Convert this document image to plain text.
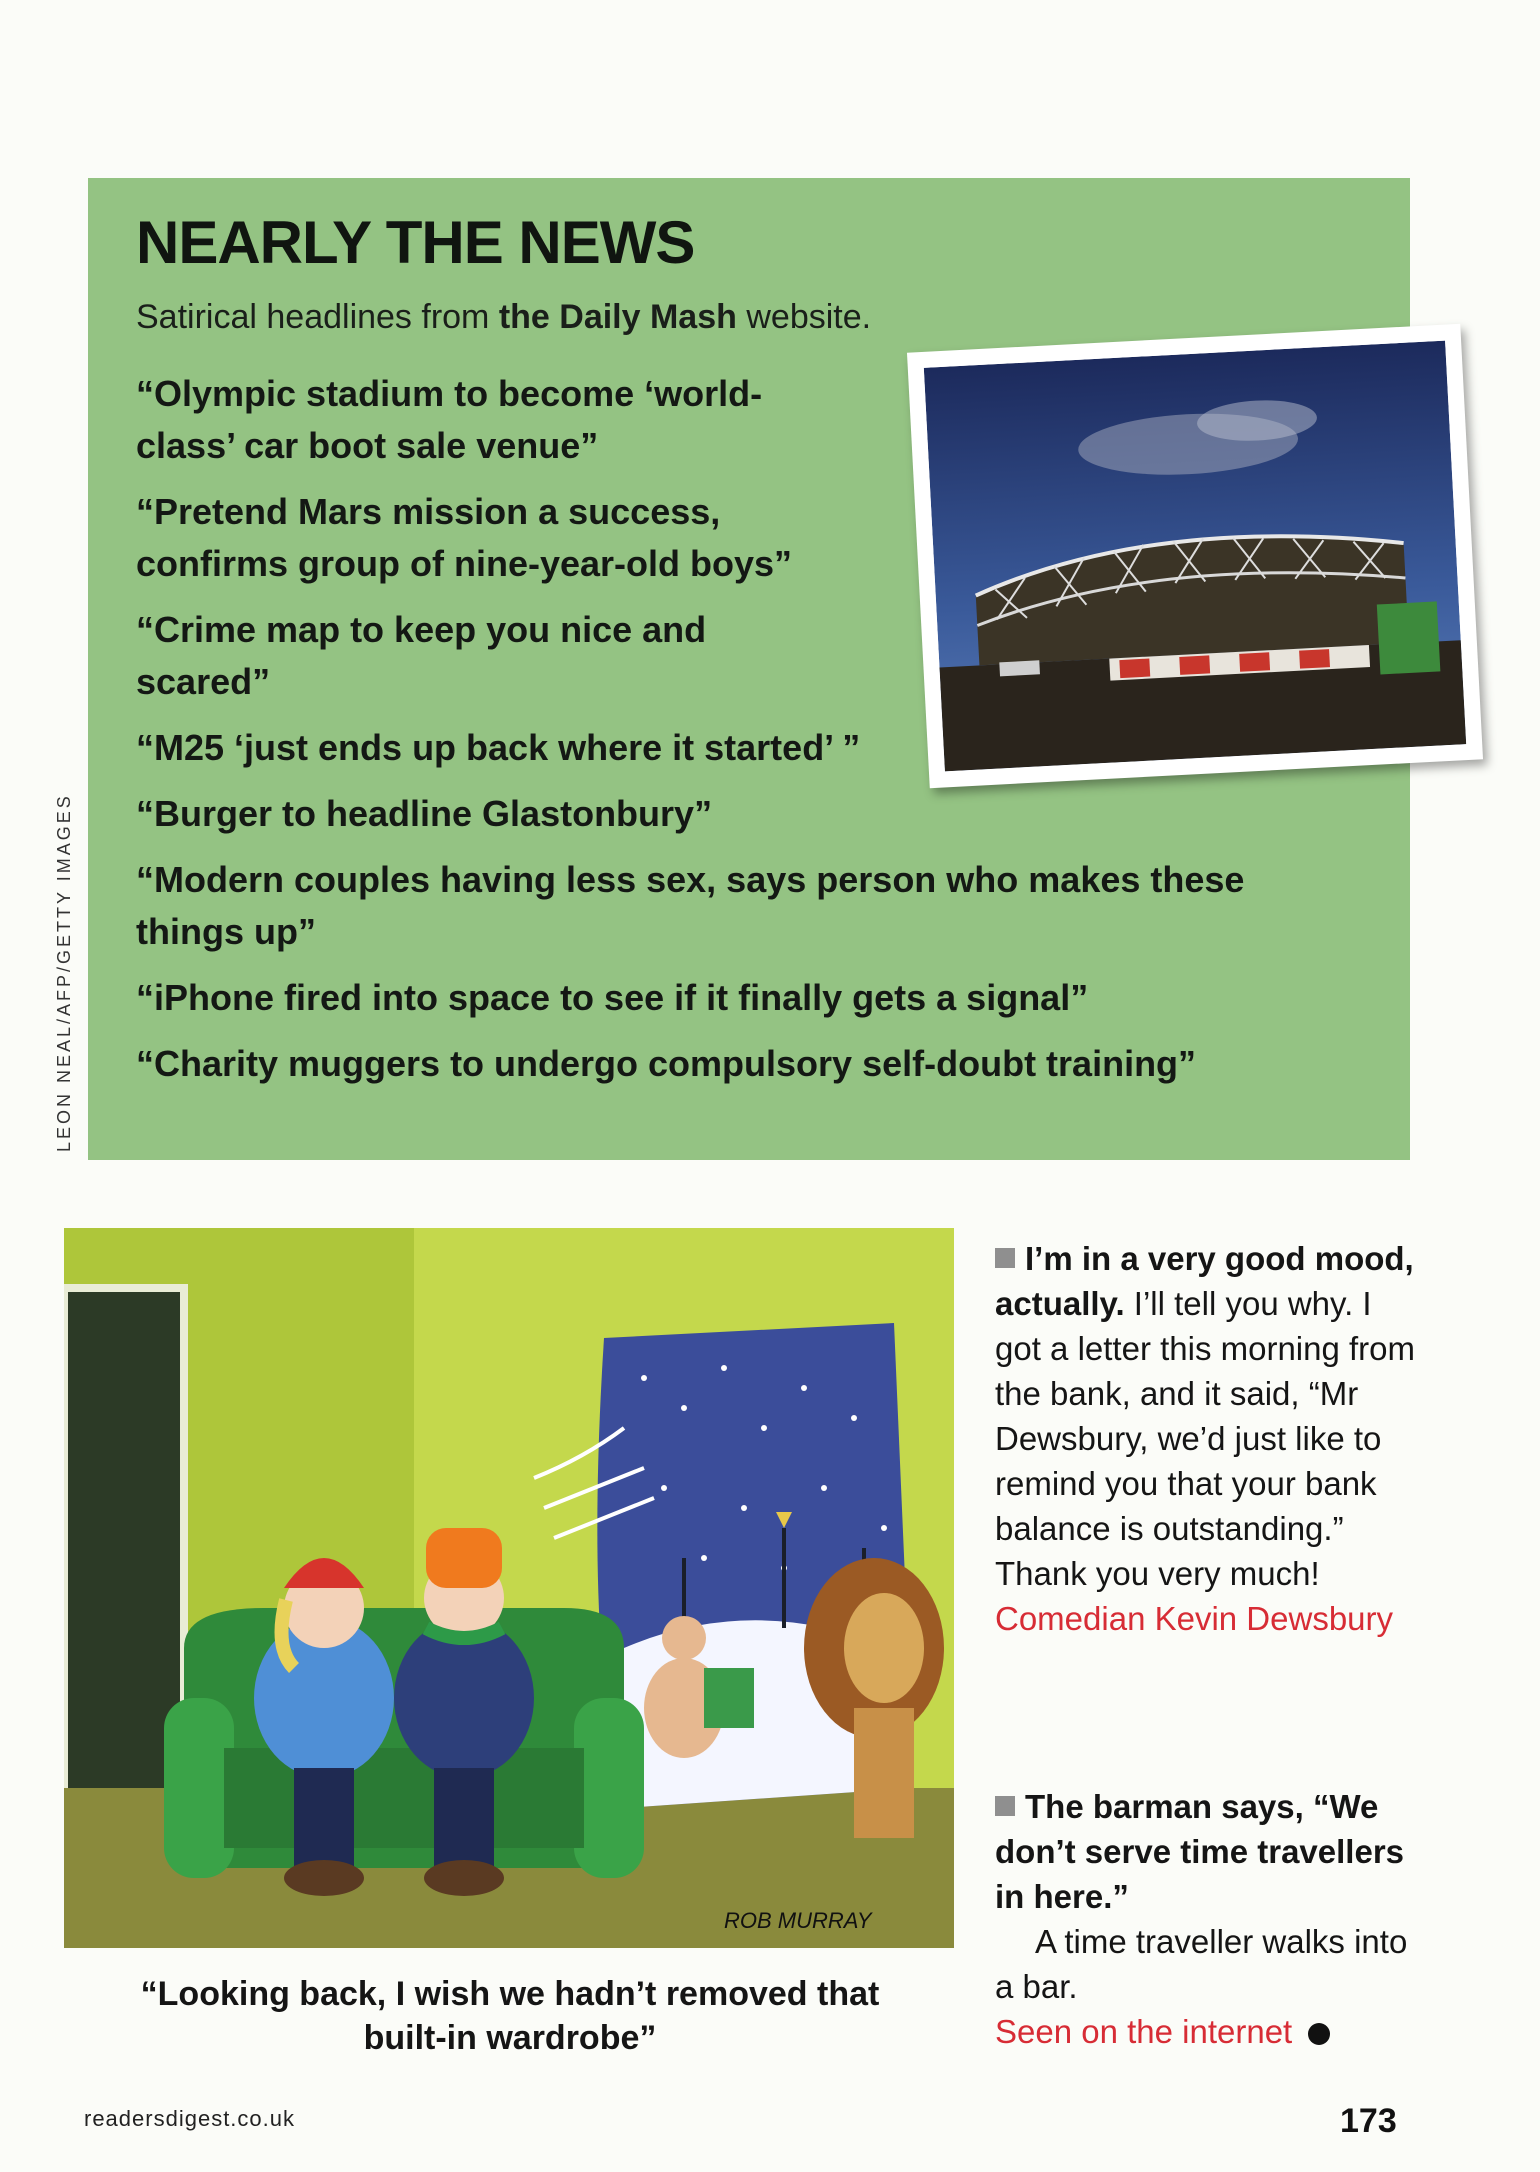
NEARLY THE NEWS
Satirical headlines from the Daily Mash website.
“Olympic stadium to become ‘world-class’ car boot sale venue”
“Pretend Mars mission a success, confirms group of nine-year-old boys”
“Crime map to keep you nice and scared”
“M25 ‘just ends up back where it started’ ”
“Burger to headline Glastonbury”
“Modern couples having less sex, says person who makes these things up”
“iPhone fired into space to see if it finally gets a signal”
“Charity muggers to undergo compulsory self-doubt training”
LEON NEAL/AFP/GETTY IMAGES
ROB MURRAY
“Looking back, I wish we hadn’t removed that built-in wardrobe”
I’m in a very good mood, actually. I’ll tell you why. I got a letter this morning from the bank, and it said, “Mr Dewsbury, we’d just like to remind you that your bank balance is outstanding.” Thank you very much!
Comedian Kevin Dewsbury
The barman says, “We don’t serve time travellers in here.”
A time traveller walks into a bar.
Seen on the internet
readersdigest.co.uk	173
